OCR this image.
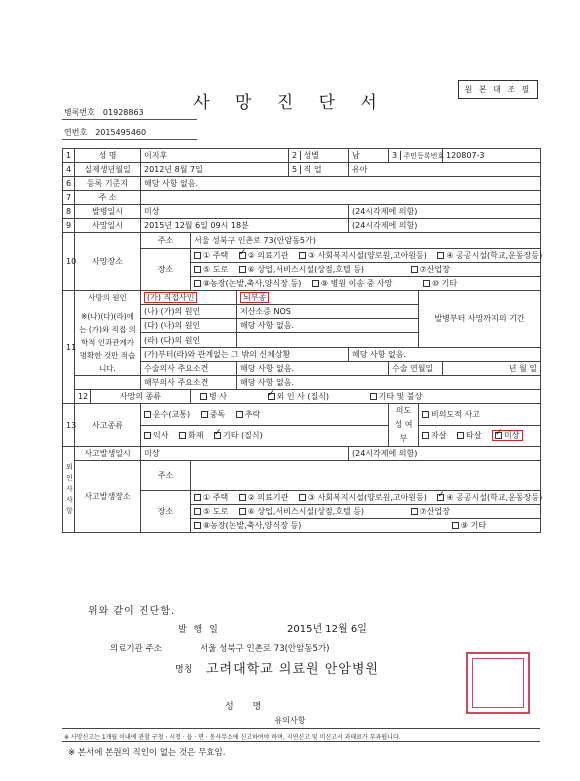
사 망 진 단 서
원 본 대 조 필
병록번호 01928863
연번호 2015495460
1	성 명		이지후			2 성별	남	3 주민등록번호		120807-3
4	실제생년월일		2012년 8월 7일			5 직 업	유아			
6	등록 기준지		해당 사항 없음.							
7	주 소									
8	발병일시		미상				(24시각제에 의함)			
9	사망일시		2015년 12월 6일 09시 18분				(24시각제에 의함)			
10	사망장소		주소	서울 성북구 인촌로 73(안암동5가)						
			장소	① 주택 ✓ ② 의료기관 ③ 사회복지시설(양로원,고아원등) ④ 공공시설(학교,운동장등)
				⑤ 도로 ⑥ 상업,서비스시설(상점,호텔 등) ⑦산업장						
				⑧농장(논밭,축사,양식장 등) ⑨ 병원 이송 중 사망 ⑩ 기타						
11	사망의 원인
※(나)(다)(라)에는 (가)와 직접 의학적 인과관계가 명확한 것만 적습니다.		(가) 직접사인		뇌부종				발병부터 사망까지의 기간	
			(나) (가)의 원인		저산소증 NOS					
			(다) (나)의 원인		해당 사항 없음.					
			(라) (다)의 원인							
			(가)부터(라)와 관계없는 그 밖의 신체상황				해당 사항 없음.			
			수술의사 주요소견		해당 사항 없음.			수술 연월일		년 월 일
			해부의사 주요소견		해당 사항 없음.					
	12	사망의 종류		병 사 ✓ 외 인 사 (질식) 기타 및 불상
13	사고종류		운수(교통) 중독 추락					의도성 여부	비의도적 사고	
			익사 화재 ✓ 기타 (질식)						자살 타살 ✓ 미상
외인사 사항	사고발생일시		미상				(24시각제에 의함)			
	사고발생장소		주소							
			장소	① 주택 ② 의료기관 ③ 사회복지시설(양로원,고아원등) ✓ ④ 공공시설(학교,운동장등)
				⑤ 도로 ⑥ 상업,서비스시설(상점,호텔 등) ⑦산업장						
				⑧농장(논밭,축사,양식장 등) ⑨ 기타						
위와 같이 진단함.
발 행 일	2015년 12월 6일
의료기관 주소	서울 성북구 인촌로 73(안암동5가)
명칭 고려대학교 의료원 안암병원
성 명
유의사항
※ 사망신고는 1개월 이내에 관할 구청 · 시청 · 읍 · 면 · 동사무소에 신고하여야 하며, 지연신고 및 미신고시 과태료가 부과됩니다.
※ 본서에 본원의 직인이 없는 것은 무효임.
